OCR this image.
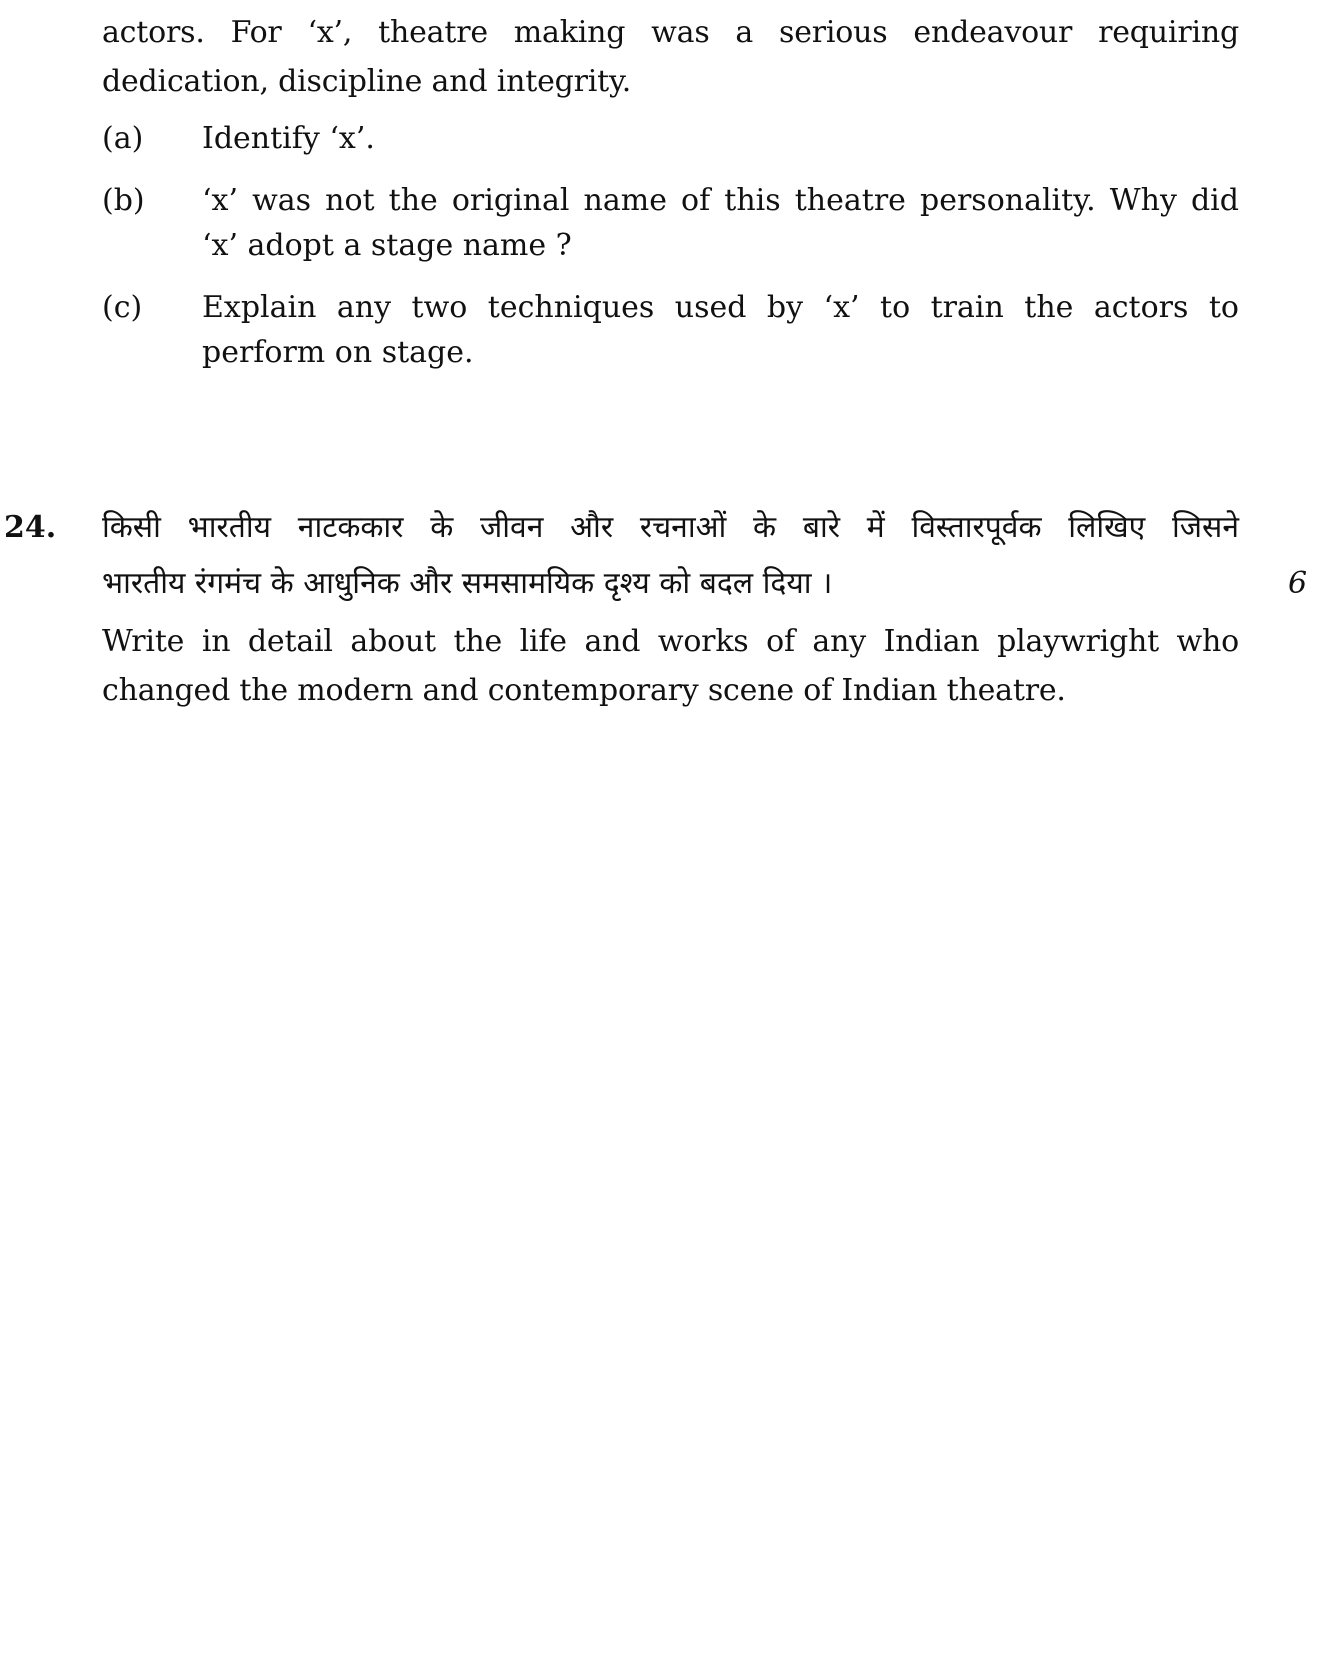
actors. For ‘x’, theatre making was a serious endeavour requiring
dedication, discipline and integrity.
(a)	Identify ‘x’.
(b)	‘x’ was not the original name of this theatre personality. Why did
‘x’ adopt a stage name ?
(c)	Explain any two techniques used by ‘x’ to train the actors to
perform on stage.
24. किसी भारतीय नाटककार के जीवन और रचनाओं के बारे में विस्तारपूर्वक लिखिए जिसने
भारतीय रंगमंच के आधुनिक और समसामयिक दृश्य को बदल दिया ।	6
Write in detail about the life and works of any Indian playwright who
changed the modern and contemporary scene of Indian theatre.
